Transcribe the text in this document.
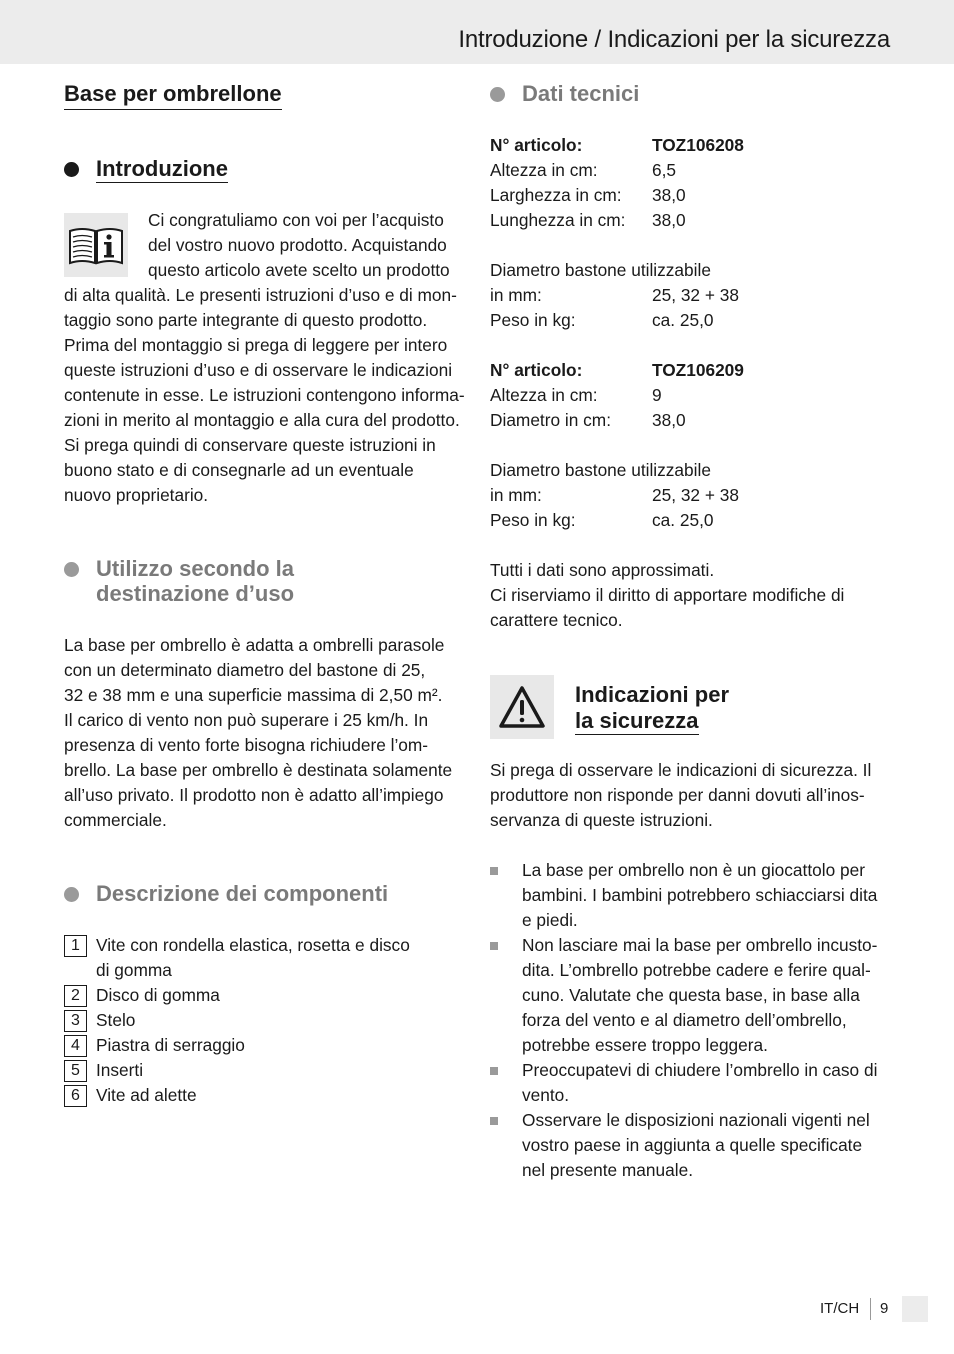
Introduzione / Indicazioni per la sicurezza
Base per ombrellone
Introduzione
Ci congratuliamo con voi per l’acquisto
del vostro nuovo prodotto. Acquistando
questo articolo avete scelto un prodotto
di alta qualità. Le presenti istruzioni d’uso e di mon-
taggio sono parte integrante di questo prodotto.
Prima del montaggio si prega di leggere per intero
queste istruzioni d’uso e di osservare le indicazioni
contenute in esse. Le istruzioni contengono informa-
zioni in merito al montaggio e alla cura del prodotto.
Si prega quindi di conservare queste istruzioni in
buono stato e di consegnarle ad un eventuale
nuovo proprietario.
Utilizzo secondo la
destinazione d’uso
La base per ombrello è adatta a ombrelli parasole
con un determinato diametro del bastone di 25,
32 e 38 mm e una superficie massima di 2,50 m².
Il carico di vento non può superare i 25 km/h. In
presenza di vento forte bisogna richiudere l’om-
brello. La base per ombrello è destinata solamente
all’uso privato. Il prodotto non è adatto all’impiego
commerciale.
Descrizione dei componenti
1 Vite con rondella elastica, rosetta e disco
di gomma
2 Disco di gomma
3 Stelo
4 Piastra di serraggio
5 Inserti
6 Vite ad alette
Dati tecnici
N° articolo:	TOZ106208
Altezza in cm:	6,5
Larghezza in cm: 38,0
Lunghezza in cm: 38,0
Diametro bastone utilizzabile
in mm:	25, 32 + 38
Peso in kg:	ca. 25,0
N° articolo:	TOZ106209
Altezza in cm:	9
Diametro in cm: 38,0
Diametro bastone utilizzabile
in mm:	25, 32 + 38
Peso in kg:	ca. 25,0
Tutti i dati sono approssimati.
Ci riserviamo il diritto di apportare modifiche di
carattere tecnico.
Indicazioni per
la sicurezza
Si prega di osservare le indicazioni di sicurezza. Il
produttore non risponde per danni dovuti all’inos-
servanza di queste istruzioni.
La base per ombrello non è un giocattolo per
bambini. I bambini potrebbero schiacciarsi dita
e piedi.
Non lasciare mai la base per ombrello incusto-
dita. L’ombrello potrebbe cadere e ferire qual-
cuno. Valutate che questa base, in base alla
forza del vento e al diametro dell’ombrello,
potrebbe essere troppo leggera.
Preoccupatevi di chiudere l’ombrello in caso di
vento.
Osservare le disposizioni nazionali vigenti nel
vostro paese in aggiunta a quelle specificate
nel presente manuale.
IT/CH 9
